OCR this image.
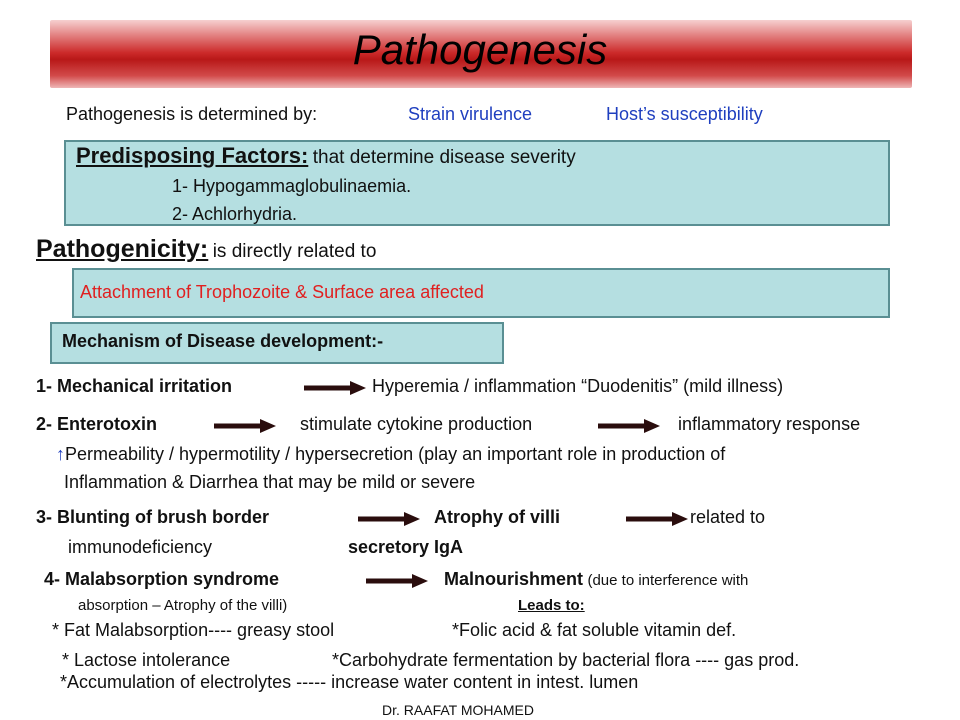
Pathogenesis
Pathogenesis is determined by:	Strain virulence	Host’s susceptibility
Predisposing Factors: that determine disease severity
1- Hypogammaglobulinaemia.
2- Achlorhydria.
Pathogenicity: is directly related to
Attachment of Trophozoite & Surface area affected
Mechanism of Disease development:-
1- Mechanical irritation	Hyperemia / inflammation “Duodenitis” (mild illness)
2- Enterotoxin	stimulate cytokine production	inflammatory response
↑Permeability / hypermotility / hypersecretion (play an important role in production of
Inflammation & Diarrhea that may be mild or severe
3- Blunting of brush border	Atrophy of villi	related to
immunodeficiency	secretory IgA
4- Malabsorption syndrome	Malnourishment (due to interference with
absorption – Atrophy of the villi)	Leads to:
* Fat Malabsorption---- greasy stool	*Folic acid & fat soluble vitamin def.
* Lactose intolerance	*Carbohydrate fermentation by bacterial flora ---- gas prod.
*Accumulation of electrolytes ----- increase water content in intest. lumen
Dr. RAAFAT MOHAMED
